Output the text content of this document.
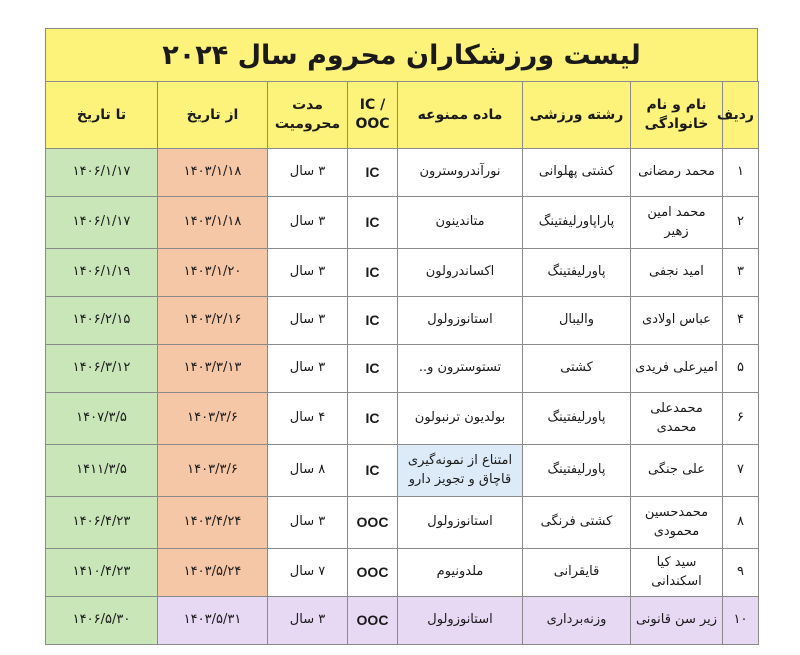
لیست ورزشکاران محروم سال ۲۰۲۴
ردیف	نام و نام خانوادگی	رشته ورزشی	ماده ممنوعه	IC / OOC	مدت محرومیت	از تاریخ	تا تاریخ
۱	محمد رمضانی	کشتی پهلوانی	نورآندروسترون	IC	۳ سال	۱۴۰۳/۱/۱۸	۱۴۰۶/۱/۱۷
۲	محمد امین زهیر	پاراپاورلیفتینگ	متاندینون	IC	۳ سال	۱۴۰۳/۱/۱۸	۱۴۰۶/۱/۱۷
۳	امید نجفی	پاورلیفتینگ	اکساندرولون	IC	۳ سال	۱۴۰۳/۱/۲۰	۱۴۰۶/۱/۱۹
۴	عباس اولادی	والیبال	استانوزولول	IC	۳ سال	۱۴۰۳/۲/۱۶	۱۴۰۶/۲/۱۵
۵	امیرعلی فریدی	کشتی	تستوسترون و..	IC	۳ سال	۱۴۰۳/۳/۱۳	۱۴۰۶/۳/۱۲
۶	محمدعلی محمدی	پاورلیفتینگ	بولدیون ترنبولون	IC	۴ سال	۱۴۰۳/۳/۶	۱۴۰۷/۳/۵
۷	علی جنگی	پاورلیفتینگ	امتناع از نمونه‌گیری قاچاق و تجویز دارو	IC	۸ سال	۱۴۰۳/۳/۶	۱۴۱۱/۳/۵
۸	محمدحسین محمودی	کشتی فرنگی	استانوزولول	OOC	۳ سال	۱۴۰۳/۴/۲۴	۱۴۰۶/۴/۲۳
۹	سید کیا اسکندانی	قایقرانی	ملدونیوم	OOC	۷ سال	۱۴۰۳/۵/۲۴	۱۴۱۰/۴/۲۳
۱۰	زیر سن قانونی	وزنه‌برداری	استانوزولول	OOC	۳ سال	۱۴۰۳/۵/۳۱	۱۴۰۶/۵/۳۰
